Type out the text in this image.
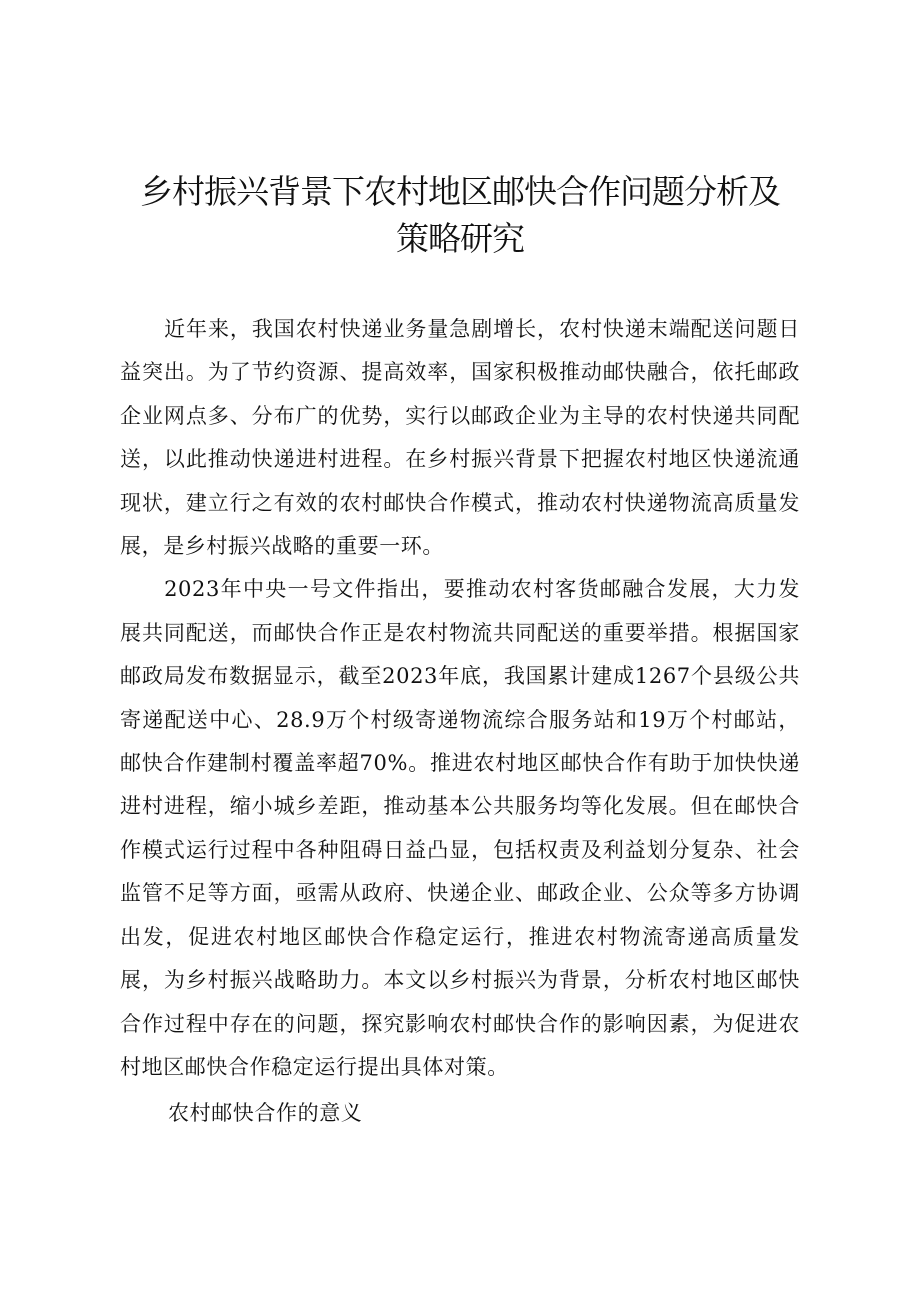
乡村振兴背景下农村地区邮快合作问题分析及
策略研究

近年来，我国农村快递业务量急剧增长，农村快递末端配送问题日益突出。为了节约资源、提高效率，国家积极推动邮快融合，依托邮政企业网点多、分布广的优势，实行以邮政企业为主导的农村快递共同配送，以此推动快递进村进程。在乡村振兴背景下把握农村地区快递流通现状，建立行之有效的农村邮快合作模式，推动农村快递物流高质量发展，是乡村振兴战略的重要一环。

2023年中央一号文件指出，要推动农村客货邮融合发展，大力发展共同配送，而邮快合作正是农村物流共同配送的重要举措。根据国家邮政局发布数据显示，截至2023年底，我国累计建成1267个县级公共寄递配送中心、28.9万个村级寄递物流综合服务站和19万个村邮站，邮快合作建制村覆盖率超70%。推进农村地区邮快合作有助于加快快递进村进程，缩小城乡差距，推动基本公共服务均等化发展。但在邮快合作模式运行过程中各种阻碍日益凸显，包括权责及利益划分复杂、社会监管不足等方面，亟需从政府、快递企业、邮政企业、公众等多方协调出发，促进农村地区邮快合作稳定运行，推进农村物流寄递高质量发展，为乡村振兴战略助力。本文以乡村振兴为背景，分析农村地区邮快合作过程中存在的问题，探究影响农村邮快合作的影响因素，为促进农村地区邮快合作稳定运行提出具体对策。

农村邮快合作的意义
